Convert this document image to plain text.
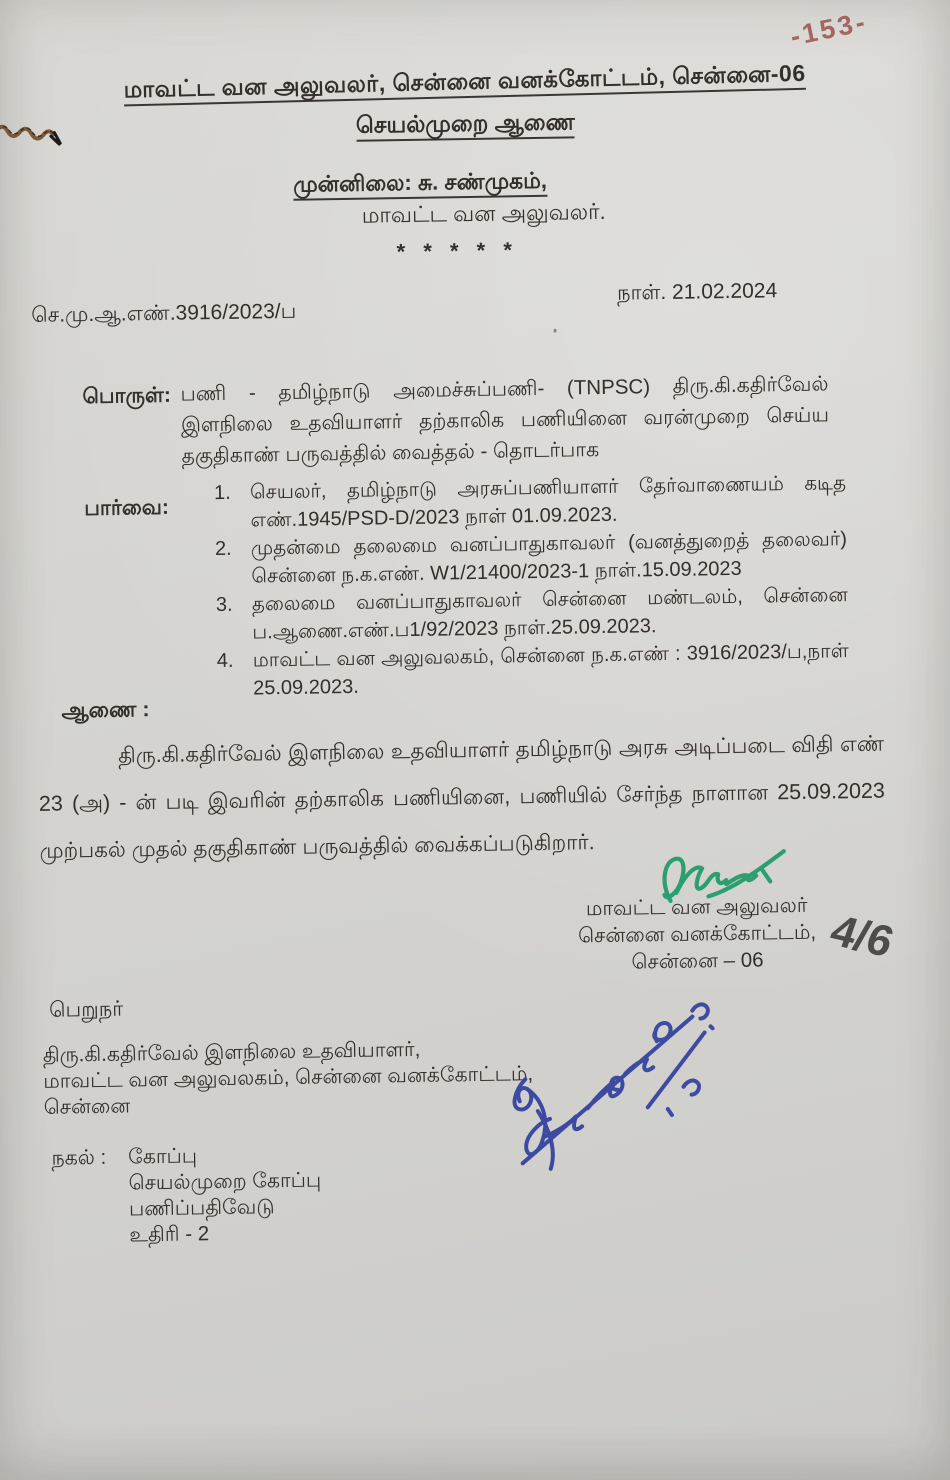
-153-
மாவட்ட வன அலுவலர், சென்னை வனக்கோட்டம், சென்னை-06
செயல்முறை ஆணை
முன்னிலை: சு. சண்முகம்,
மாவட்ட வன அலுவலர்.
* * * * *
செ.மு.ஆ.எண்.3916/2023/ப
நாள். 21.02.2024
பொருள்: பணி - தமிழ்நாடு அமைச்சுப்பணி- (TNPSC) திரு.கி.கதிர்வேல் இளநிலை உதவியாளர் தற்காலிக பணியினை வரன்முறை செய்ய தகுதிகாண் பருவத்தில் வைத்தல் - தொடர்பாக
பார்வை:
1. செயலர், தமிழ்நாடு அரசுப்பணியாளர் தேர்வாணையம் கடித எண்.1945/PSD-D/2023 நாள் 01.09.2023.
2. முதன்மை தலைமை வனப்பாதுகாவலர் (வனத்துறைத் தலைவர்) சென்னை ந.க.எண். W1/21400/2023-1 நாள்.15.09.2023
3. தலைமை வனப்பாதுகாவலர் சென்னை மண்டலம், சென்னை ப.ஆணை.எண்.ப1/92/2023 நாள்.25.09.2023.
4. மாவட்ட வன அலுவலகம், சென்னை ந.க.எண் : 3916/2023/ப,நாள் 25.09.2023.
ஆணை :
திரு.கி.கதிர்வேல் இளநிலை உதவியாளர் தமிழ்நாடு அரசு அடிப்படை விதி எண் 23 (அ) - ன் படி இவரின் தற்காலிக பணியினை, பணியில் சேர்ந்த நாளான 25.09.2023 முற்பகல் முதல் தகுதிகாண் பருவத்தில் வைக்கப்படுகிறார்.
மாவட்ட வன அலுவலர்
சென்னை வனக்கோட்டம்,
சென்னை – 06	4/6
பெறுநர்
திரு.கி.கதிர்வேல் இளநிலை உதவியாளர்,
மாவட்ட வன அலுவலகம், சென்னை வனக்கோட்டம்,
சென்னை
நகல் : கோப்பு
செயல்முறை கோப்பு
பணிப்பதிவேடு
உதிரி - 2
